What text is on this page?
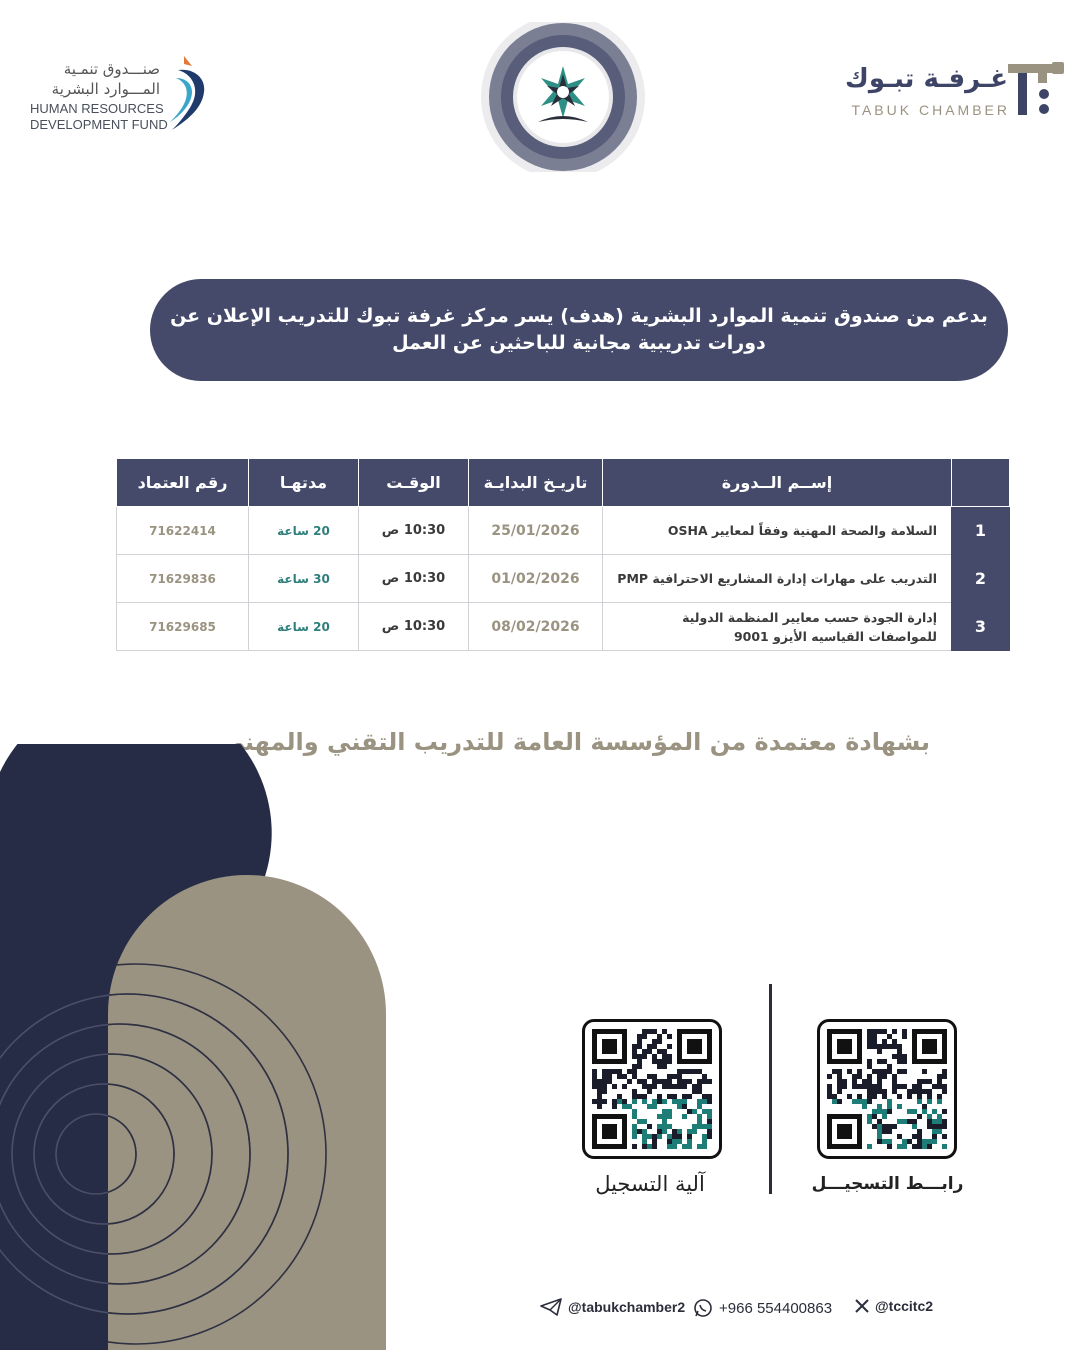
صنـــدوق تنمـية
المـــوارد البشرية
HUMAN RESOURCES
DEVELOPMENT FUND
غـرفـة تبـوك
TABUK CHAMBER
بدعم من صندوق تنمية الموارد البشرية (هدف) يسر مركز غرفة تبوك للتدريب الإعلان عن
دورات تدريبية مجانية للباحثين عن العمل
	إســم الــدورة	تاريـخ البدايـة	الوقـت	مدتهـا	رقم العتماد
1	السلامة والصحة المهنية وفقاً لمعايير OSHA	25/01/2026	10:30 ص	20 ساعة	71622414
2	التدريب على مهارات إدارة المشاريع الاحترافية PMP	01/02/2026	10:30 ص	30 ساعة	71629836
3	إدارة الجودة حسب معايير المنظمة الدولية للمواصفات القياسيه الأيزو 9001	08/02/2026	10:30 ص	20 ساعة	71629685
بشهادة معتمدة من المؤسسة العامة للتدريب التقني والمهني
آلية التسجيل	رابـــط التسجيـــل
@tabukchamber2 +966 554400863	@tccitc2
